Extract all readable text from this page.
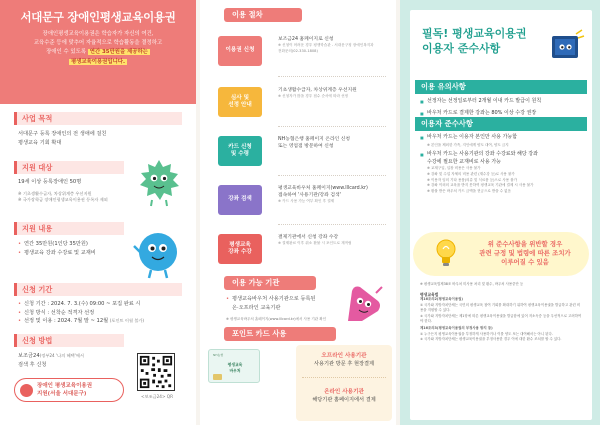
서대문구 장애인평생교육이용권
장애인평생교육이용권은 학습자가 자신의 여건,
교육수준 등에 맞추어 자율적으로 학습활동을 결정하고
장애인 수 있도록 연간 35만원을 제공하는
평생교육이용권입니다.
사업 목적
서대문구 등록 장애인의 전 생애에 걸친
평생교육 기회 확대
지원 대상
19세 이상 등록장애인 50명
※ 기초생활수급자, 차상위계층 우선지원
※ 국가장학금 장애인평생교육이용권 등록자 제외
지원 내용
• 연간 35만원(1인당 35만원)
• 평생교육 강좌 수강료 및 교재비
신청 기간
• 신청 기간 : 2024. 7. 3.(수) 09:00 ~ 포집 완료 시
• 신청 방식 : 선착순 적격자 선정
• 선정 및 이용 : 2024. 7월 말 ~ 12월 (포인트 이월 불가)
신청 방법
보조금24(정부24 '나의 혜택'에서
검색 후 신청
장애인 평생교육이용권
지원(서울 서대문구)	<보조금24> QR
이용 절차
이용권 신청
보조금24 홈페이지로 신청
※ 신청이 어려운 경우 평생학습관 - 서대문구청 장애인복지과
전화문의(02-330-1808)
심사 및
선정 안내
기초생활수급자, 차상위계층 우선지원
※ 신청자가 많을 경우 접수 순서에 따라 선정
카드 신청
및 수령
NH농협은행 홈페이지 온라인 신청
또는 영업점 방문하여 신청
강좌 검색
평생교육바우처 홈페이지(www.lllcard.kr)
접속하여 '사용기관/강좌 검색'
※ 카드 사용 가능 여부 확인 후 결제
평생교육
강좌 수강
결제기관에서 신청 강좌 수강
※ 결제완료 이후 취소 환불 시 포인트로 재적립
이용 가능 기관
• 평생교육바우처 사용기관으로 등록된
온·오프라인 교육기관
※ 평생교육바우처 홈페이지(www.lllcard.kr)에서 사용 기관 확인
포인트 카드 사용
오프라인 사용기관
사용기관 방문 후 현장결제
온라인 사용기관
해당기관 홈페이지에서 결제
NH농협
평생교육
바우처
필독! 평생교육이용권
이용자 준수사항
이용 유의사항
■ 선정자는 선정일로부터 2개월 이내 카드 발급이 원칙
■ 바우처 카드로 결제한 강좌는 80% 이상 수강 권장
이용자 준수사항
■ 바우처 카드는 이용자 본인만 사용 가능함
※ 본인을 제외한 가족, 지인에게 양도 대여, 양도 금지
■ 바우처 카드는 사용기관의 강좌 수강료와 해당 강좌
수강에 필요한 교재비로 사용 가능
※ 교재구입, 입장 비용은 사용 불가
※ 강좌 및 수업 자체의 비용 관련 (재수강 등)로 사용 불가
※ 이용자 임의 기타 용품(의류 및 식료품 등)으로 사용 불가
※ 강좌 이외의 교육을 받지 못하여 평생교육 기관에 결제 시 사용 불가
※ 환불 받은 바우처 카드 금액을 현금으로 받을 수 없음
위 준수사항을 위반할 경우
관련 규정 및 법령에 따른 조치가
이루어질 수 있음
※ 평생교육법제38조 바우처 미사용 처리 및 환수, 바우처 사용중단 등
평생교육법
제16조의2(평생교육이용권)
① 국가와 지방자치단체는 국민의 평생교육 참여 기회를 확대하기 위하여 평생교육이용권을 발급하고 관련 비용을 지원할 수 있다.
② 국가와 지방자치단체는 제1항에 따른 평생교육이용권을 발급함에 있어 저소득층 등을 우선적으로 고려하여야 한다.
제16조의3(평생교육이용권의 부정사용 방지 등)
① 누구든지 평생교육이용권을 부정하게 사용하거나 이를 양도 또는 대여해서는 아니 된다.
② 국가와 지방자치단체는 평생교육이용권을 부정사용한 경우 이에 대한 환수 조치를 할 수 있다.
